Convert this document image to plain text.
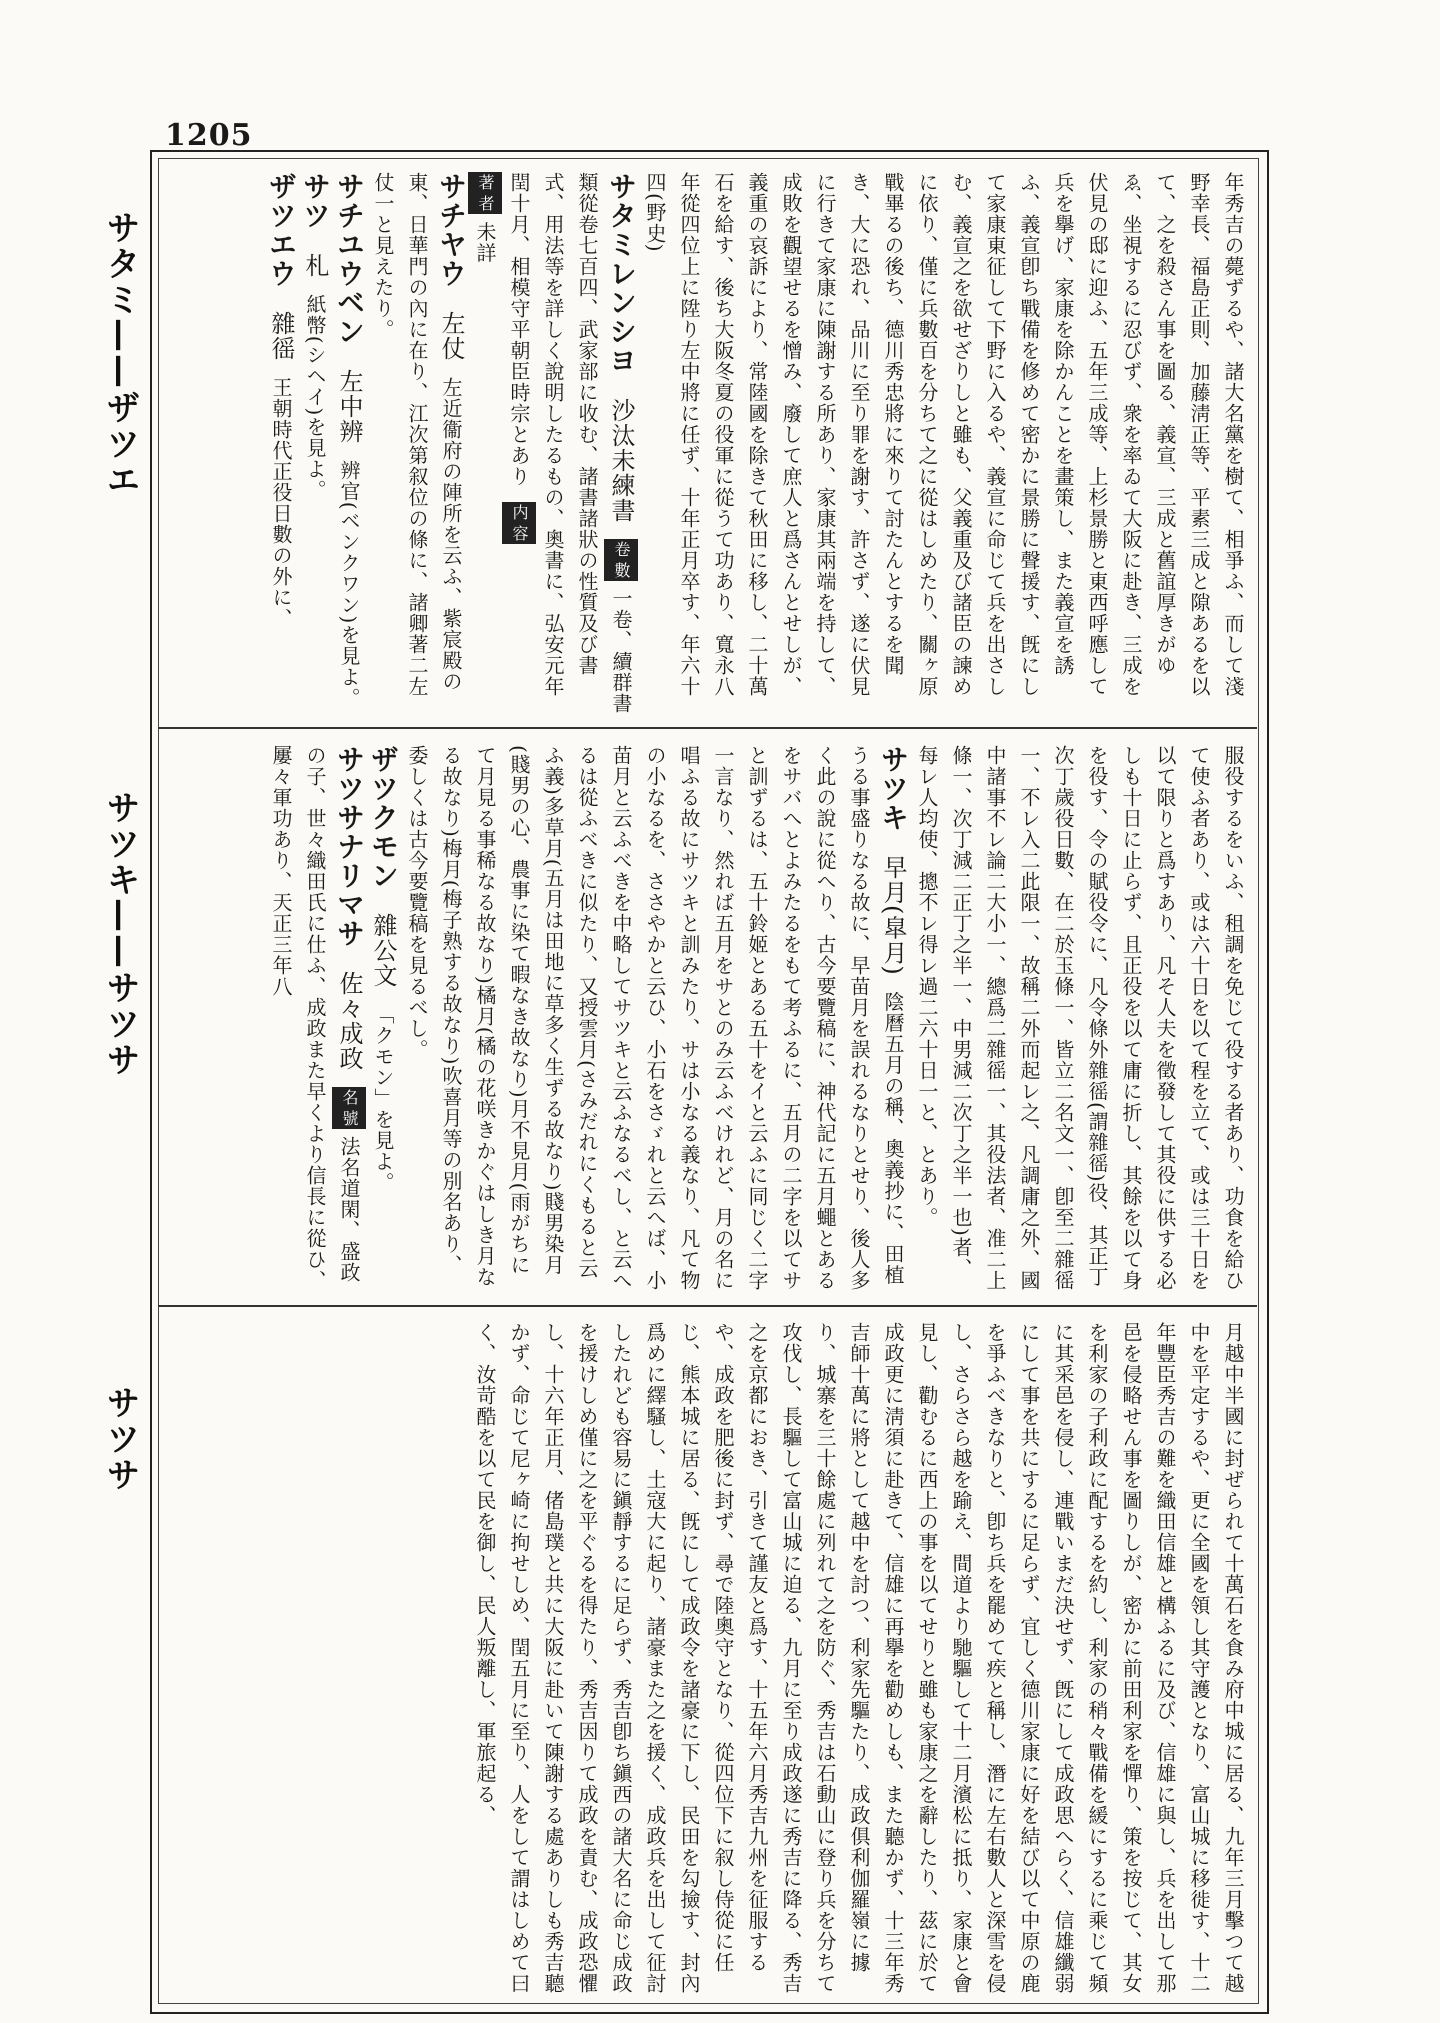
1205
サタミ——ザツエ
サツキ——サツサ
サツサ
年秀吉の薨ずるや、諸大名黨を樹て、相爭ふ、而して淺野幸長、福島正則、加藤淸正等、平素三成と隙あるを以て、之を殺さん事を圖る、義宣、三成と舊誼厚きがゆゑ、坐視するに忍びず、衆を率ゐて大阪に赴き、三成を伏見の邸に迎ふ、五年三成等、上杉景勝と東西呼應して兵を擧げ、家康を除かんことを畫策し、また義宣を誘ふ、義宣卽ち戰備を修めて密かに景勝に聲援す、旣にして家康東征して下野に入るや、義宣に命じて兵を出さしむ、義宣之を欲せざりしと雖も、父義重及び諸臣の諫めに依り、僅に兵數百を分ちて之に從はしめたり、關ヶ原戰畢るの後ち、德川秀忠將に來りて討たんとするを聞き、大に恐れ、品川に至り罪を謝す、許さず、遂に伏見に行きて家康に陳謝する所あり、家康其兩端を持して、成敗を觀望せるを憎み、廢して庶人と爲さんとせしが、義重の哀訴により、常陸國を除きて秋田に移し、二十萬石を給す、後ち大阪冬夏の役軍に從うて功あり、寬永八年從四位上に陞り左中將に任ず、十年正月卒す、年六十四(野史)
サタミレンシヨ 沙汰未練書 卷數 一卷、續群書類從卷七百四、武家部に收む、諸書諸狀の性質及び書式、用法等を詳しく說明したるもの、奧書に、弘安元年閏十月、相模守平朝臣時宗とあり  内容
著者 未詳
サチヤウ 左仗 左近衞府の陣所を云ふ、紫宸殿の東、日華門の內に在り、江次第叙位の條に、諸卿著二左仗一と見えたり。
サチユウベン 左中辨 辨官(ベンクワン)を見よ。
サツ 札 紙幣(シヘイ)を見よ。
ザツエウ 雜徭 王朝時代正役日數の外に、
服役するをいふ、租調を免じて役する者あり、功食を給ひて使ふ者あり、或は六十日を以て程を立て、或は三十日を以て限りと爲すあり、凡そ人夫を徵發して其役に供する必しも十日に止らず、且正役を以て庸に折し、其餘を以て身を役す、令の賦役令に、凡令條外雜徭(謂雜徭)役、其正丁次丁歲役日數、在二於玉條一、皆立二名文一、卽至二雜徭一、不レ入二此限一、故稱二外而起レ之、凡調庸之外、國中諸事不レ論二大小一、總爲二雜徭一、其役法者、准二上條一、次丁減二正丁之半一、中男減二次丁之半一也)者、每レ人均使、摠不レ得レ過二六十日一と、とあり。
サツキ 早月(皐月) 陰曆五月の稱、奧義抄に、田植うる事盛りなる故に、早苗月を誤れるなりとせり、後人多く此の說に從へり、古今要覽稿に、神代記に五月蠅とあるをサバへとよみたるをもて考ふるに、五月の二字を以てサと訓ずるは、五十鈴姬とある五十をイと云ふに同じく二字一言なり、然れば五月をサとのみ云ふべけれど、月の名に唱ふる故にサツキと訓みたり、サは小なる義なり、凡て物の小なるを、ささやかと云ひ、小石をさゞれと云へば、小苗月と云ふべきを中略してサツキと云ふなるべし、と云へるは從ふべきに似たり、又授雲月(さみだれにくもると云ふ義)多草月(五月は田地に草多く生ずる故なり)賤男染月(賤男の心、農事に染て暇なき故なり)月不見月(雨がちにて月見る事稀なる故なり)橘月(橘の花咲きかぐはしき月なる故なり)梅月(梅子熟する故なり)吹喜月等の別名あり、委しくは古今要覽稿を見るべし。
ザツクモン 雜公文 「クモン」を見よ。
サツサナリマサ 佐々成政 名號 法名道閑、盛政の子、世々織田氏に仕ふ、成政また早くより信長に從ひ、屢々軍功あり、天正三年八
月越中半國に封ぜられて十萬石を食み府中城に居る、九年三月擊つて越中を平定するや、更に全國を領し其守護となり、富山城に移徙す、十二年豐臣秀吉の難を織田信雄と構ふるに及び、信雄に與し、兵を出して那邑を侵略せん事を圖りしが、密かに前田利家を憚り、策を按じて、其女を利家の子利政に配するを約し、利家の稍々戰備を緩にするに乘じて頻に其采邑を侵し、連戰いまだ決せず、旣にして成政思へらく、信雄纖弱にして事を共にするに足らず、宜しく德川家康に好を結び以て中原の鹿を爭ふべきなりと、卽ち兵を罷めて疾と稱し、潛に左右數人と深雪を侵し、さらさら越を踰え、間道より馳驅して十二月濱松に抵り、家康と會見し、勸むるに西上の事を以てせりと雖も家康之を辭したり、茲に於て成政更に淸須に赴きて、信雄に再擧を勸めしも、また聽かず、十三年秀吉師十萬に將として越中を討つ、利家先驅たり、成政俱利伽羅嶺に據り、城寨を三十餘處に列れて之を防ぐ、秀吉は石動山に登り兵を分ちて攻伐し、長驅して富山城に迫る、九月に至り成政遂に秀吉に降る、秀吉之を京都におき、引きて謹友と爲す、十五年六月秀吉九州を征服するや、成政を肥後に封ず、尋で陸奧守となり、從四位下に叙し侍從に任じ、熊本城に居る、旣にして成政令を諸豪に下し、民田を勾撿す、封內爲めに繹騷し、土寇大に起り、諸豪また之を援く、成政兵を出して征討したれども容易に鎭靜するに足らず、秀吉卽ち鎭西の諸大名に命じ成政を援けしめ僅に之を平ぐるを得たり、秀吉因りて成政を責む、成政恐懼し、十六年正月、偖島璞と共に大阪に赴いて陳謝する處ありしも秀吉聽かず、命じて尼ヶ崎に拘せしめ、閏五月に至り、人をして謂はしめて曰く、汝苛酷を以て民を御し、民人叛離し、軍旅起る、
